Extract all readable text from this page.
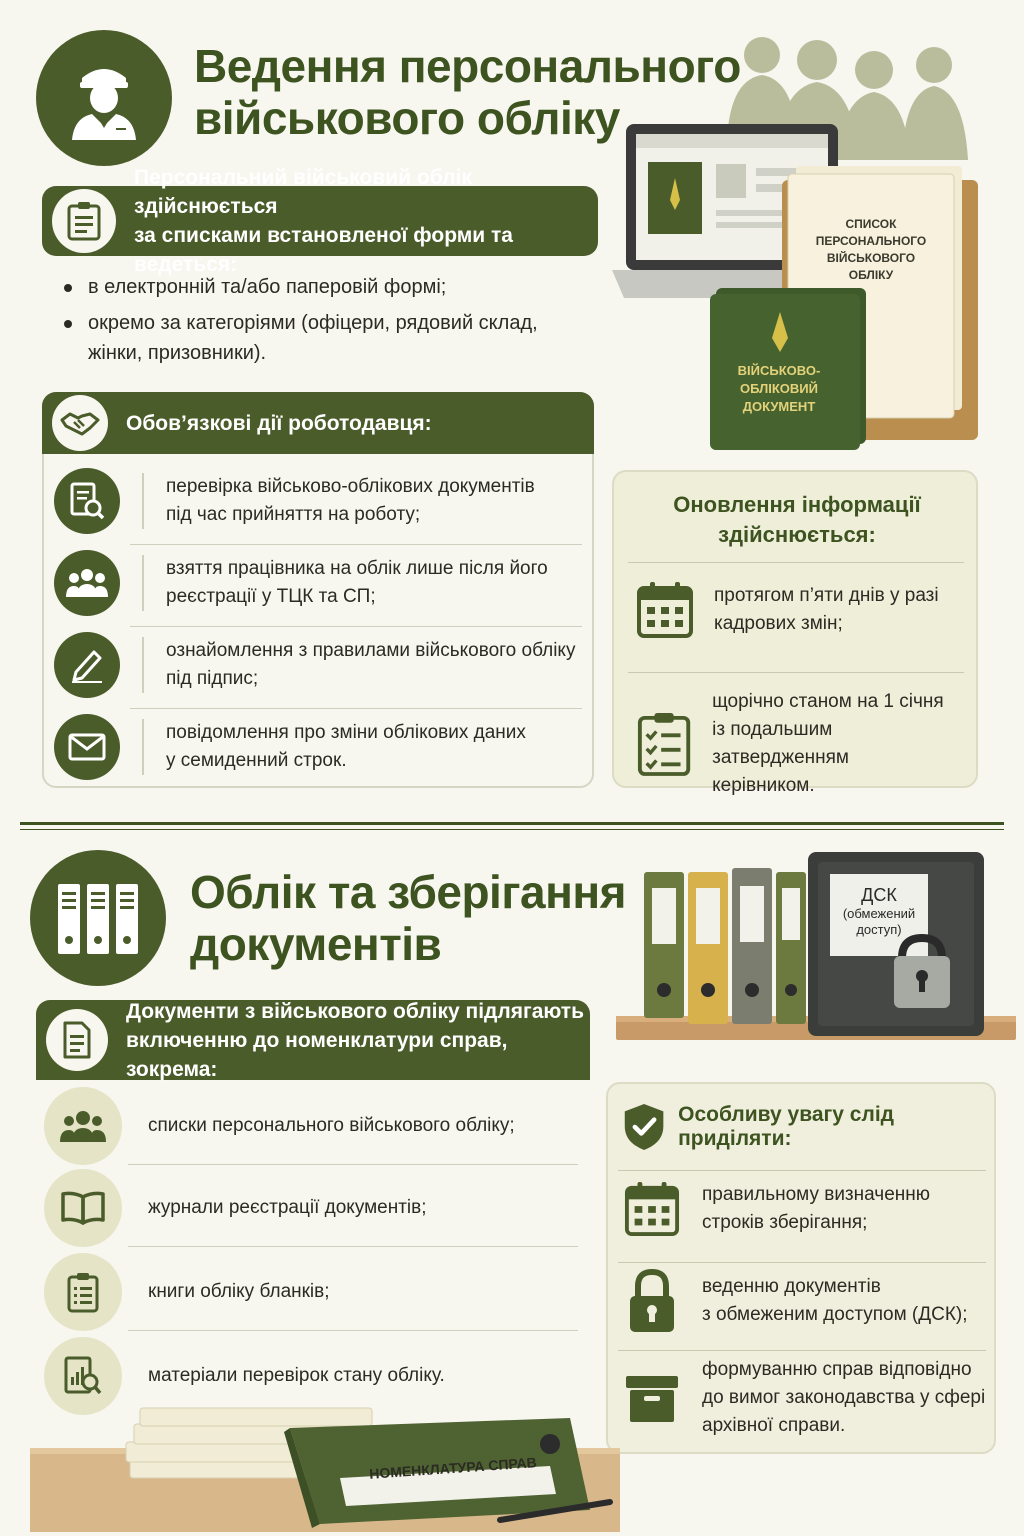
Ведення персонального
військового обліку
СПИСОК
ПЕРСОНАЛЬНОГО
ВІЙСЬКОВОГО
ОБЛІКУ
ВІЙСЬКОВО-
ОБЛІКОВИЙ
ДОКУМЕНТ
Персональний військовий облік здійснюється
за списками встановленої форми та ведеться:
в електронній та/або паперовій формі;
окремо за категоріями (офіцери, рядовий склад,
жінки, призовники).
Обов’язкові дії роботодавця:
перевірка військово-облікових документів
під час прийняття на роботу;
взяття працівника на облік лише після його
реєстрації у ТЦК та СП;
ознайомлення з правилами військового обліку
під підпис;
повідомлення про зміни облікових даних
у семиденний строк.
Оновлення інформації
здійснюється:
протягом п’яти днів у разі
кадрових змін;
щорічно станом на 1 січня
із подальшим затвердженням
керівником.
Облік та зберігання
документів
ДСК
(обмежений
доступ)
Документи з військового обліку підлягають
включенню до номенклатури справ, зокрема:
списки персонального військового обліку;
журнали реєстрації документів;
книги обліку бланків;
матеріали перевірок стану обліку.
Особливу увагу слід приділяти:
правильному визначенню
строків зберігання;
веденню документів
з обмеженим доступом (ДСК);
формуванню справ відповідно
до вимог законодавства у сфері
архівної справи.
НОМЕНКЛАТУРА СПРАВ
